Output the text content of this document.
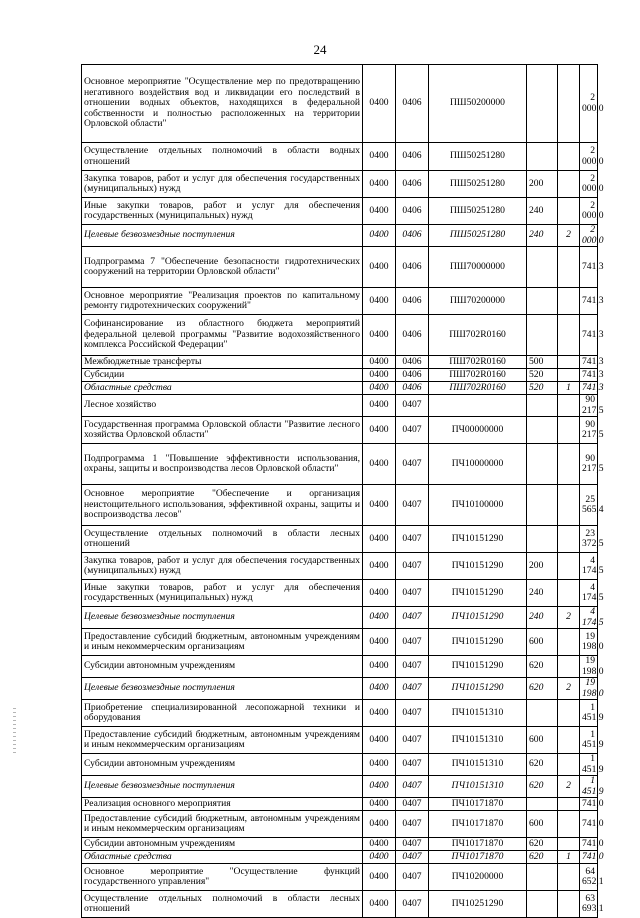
24
Основное мероприятие "Осуществление мер по предотвращению негативного воздействия вод и ликвидации его последствий в отношении водных объектов, находящихся в федеральной собственности и полностью расположенных на территории Орловской области"	0400	0406	ПШ50200000			2 000,0
Осуществление отдельных полномочий в области водных отношений	0400	0406	ПШ50251280			2 000,0
Закупка товаров, работ и услуг для обеспечения государственных (муниципальных) нужд	0400	0406	ПШ50251280	200		2 000,0
Иные закупки товаров, работ и услуг для обеспечения государственных (муниципальных) нужд	0400	0406	ПШ50251280	240		2 000,0
Целевые безвозмездные поступления	0400	0406	ПШ50251280	240	2	2 000,0
Подпрограмма 7 "Обеспечение безопасности гидротехнических сооружений на территории Орловской области"	0400	0406	ПШ70000000			741,3
Основное мероприятие "Реализация проектов по капитальному ремонту гидротехнических сооружений"	0400	0406	ПШ70200000			741,3
Софинансирование из областного бюджета мероприятий федеральной целевой программы "Развитие водохозяйственного комплекса Российской Федерации"	0400	0406	ПШ702R0160			741,3
Межбюджетные трансферты	0400	0406	ПШ702R0160	500		741,3
Субсидии	0400	0406	ПШ702R0160	520		741,3
Областные средства	0400	0406	ПШ702R0160	520	1	741,3
Лесное хозяйство	0400	0407				90 217,5
Государственная программа Орловской области "Развитие лесного хозяйства Орловской области"	0400	0407	ПЧ00000000			90 217,5
Подпрограмма 1 "Повышение эффективности использования, охраны, защиты и воспроизводства лесов Орловской области"	0400	0407	ПЧ10000000			90 217,5
Основное мероприятие "Обеспечение и организация неистощительного использования, эффективной охраны, защиты и воспроизводства лесов"	0400	0407	ПЧ10100000			25 565,4
Осуществление отдельных полномочий в области лесных отношений	0400	0407	ПЧ10151290			23 372,5
Закупка товаров, работ и услуг для обеспечения государственных (муниципальных) нужд	0400	0407	ПЧ10151290	200		4 174,5
Иные закупки товаров, работ и услуг для обеспечения государственных (муниципальных) нужд	0400	0407	ПЧ10151290	240		4 174,5
Целевые безвозмездные поступления	0400	0407	ПЧ10151290	240	2	4 174,5
Предоставление субсидий бюджетным, автономным учреждениям и иным некоммерческим организациям	0400	0407	ПЧ10151290	600		19 198,0
Субсидии автономным учреждениям	0400	0407	ПЧ10151290	620		19 198,0
Целевые безвозмездные поступления	0400	0407	ПЧ10151290	620	2	19 198,0
Приобретение специализированной лесопожарной техники и оборудования	0400	0407	ПЧ10151310			1 451,9
Предоставление субсидий бюджетным, автономным учреждениям и иным некоммерческим организациям	0400	0407	ПЧ10151310	600		1 451,9
Субсидии автономным учреждениям	0400	0407	ПЧ10151310	620		1 451,9
Целевые безвозмездные поступления	0400	0407	ПЧ10151310	620	2	1 451,9
Реализация основного мероприятия	0400	0407	ПЧ10171870			741,0
Предоставление субсидий бюджетным, автономным учреждениям и иным некоммерческим организациям	0400	0407	ПЧ10171870	600		741,0
Субсидии автономным учреждениям	0400	0407	ПЧ10171870	620		741,0
Областные средства	0400	0407	ПЧ10171870	620	1	741,0
Основное мероприятие "Осуществление функций государственного управления"	0400	0407	ПЧ10200000			64 652,1
Осуществление отдельных полномочий в области лесных отношений	0400	0407	ПЧ10251290			63 693,1
